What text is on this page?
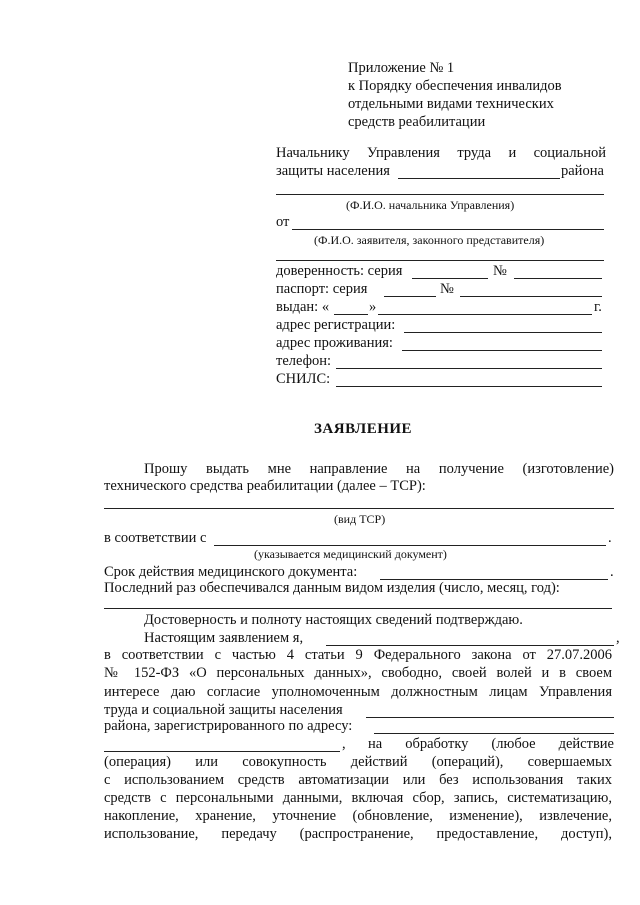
Приложение № 1
к Порядку обеспечения инвалидов
отдельными видами технических
средств реабилитации
Начальнику Управления труда и социальной
защиты населения	района
(Ф.И.О. начальника Управления)
от
(Ф.И.О. заявителя, законного представителя)
доверенность: серия	№
паспорт: серия	№
выдан: «	»	г.
адрес регистрации:
адрес проживания:
телефон:
СНИЛС:
ЗАЯВЛЕНИЕ
Прошу выдать мне направление на получение (изготовление)
технического средства реабилитации (далее – ТСР):
(вид ТСР)
в соответствии с	.
(указывается медицинский документ)
Срок действия медицинского документа:	.
Последний раз обеспечивался данным видом изделия (число, месяц, год):
Достоверность и полноту настоящих сведений подтверждаю.
Настоящим заявлением я,	,
в соответствии с частью 4 статьи 9 Федерального закона от 27.07.2006
№ 152-ФЗ «О персональных данных», свободно, своей волей и в своем
интересе даю согласие уполномоченным должностным лицам Управления
труда и социальной защиты населения
района, зарегистрированного по адресу:
, на обработку (любое действие
(операция) или совокупность действий (операций), совершаемых
с использованием средств автоматизации или без использования таких
средств с персональными данными, включая сбор, запись, систематизацию,
накопление, хранение, уточнение (обновление, изменение), извлечение,
использование, передачу (распространение, предоставление, доступ),
